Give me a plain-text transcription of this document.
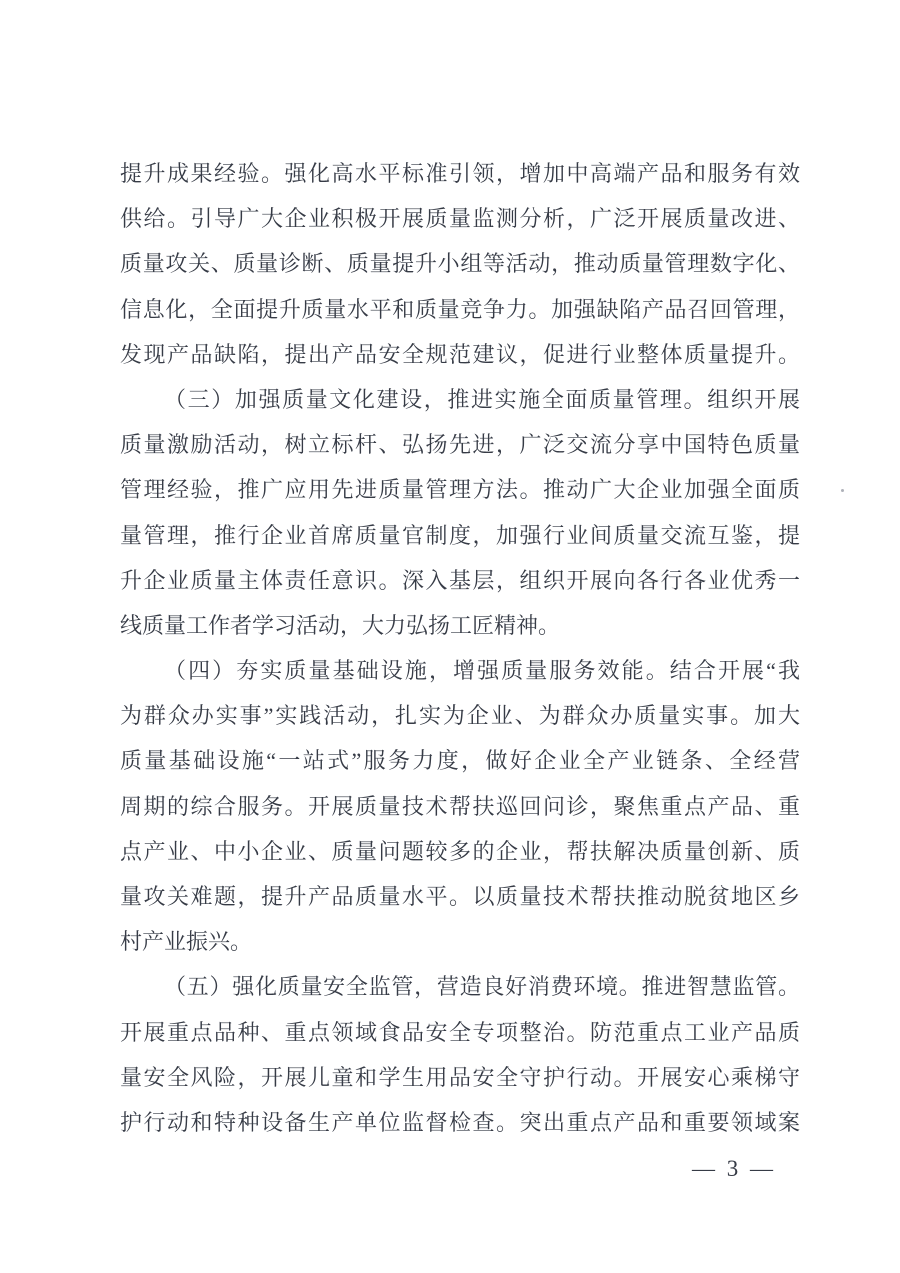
提升成果经验。强化高水平标准引领，增加中高端产品和服务有效
供给。引导广大企业积极开展质量监测分析，广泛开展质量改进、
质量攻关、质量诊断、质量提升小组等活动，推动质量管理数字化、
信息化，全面提升质量水平和质量竞争力。加强缺陷产品召回管理，
发现产品缺陷，提出产品安全规范建议，促进行业整体质量提升。
（三）加强质量文化建设，推进实施全面质量管理。组织开展
质量激励活动，树立标杆、弘扬先进，广泛交流分享中国特色质量
管理经验，推广应用先进质量管理方法。推动广大企业加强全面质
量管理，推行企业首席质量官制度，加强行业间质量交流互鉴，提
升企业质量主体责任意识。深入基层，组织开展向各行各业优秀一
线质量工作者学习活动，大力弘扬工匠精神。
（四）夯实质量基础设施，增强质量服务效能。结合开展“我
为群众办实事”实践活动，扎实为企业、为群众办质量实事。加大
质量基础设施“一站式”服务力度，做好企业全产业链条、全经营
周期的综合服务。开展质量技术帮扶巡回问诊，聚焦重点产品、重
点产业、中小企业、质量问题较多的企业，帮扶解决质量创新、质
量攻关难题，提升产品质量水平。以质量技术帮扶推动脱贫地区乡
村产业振兴。
（五）强化质量安全监管，营造良好消费环境。推进智慧监管。
开展重点品种、重点领域食品安全专项整治。防范重点工业产品质
量安全风险，开展儿童和学生用品安全守护行动。开展安心乘梯守
护行动和特种设备生产单位监督检查。突出重点产品和重要领域案
— 3 —
